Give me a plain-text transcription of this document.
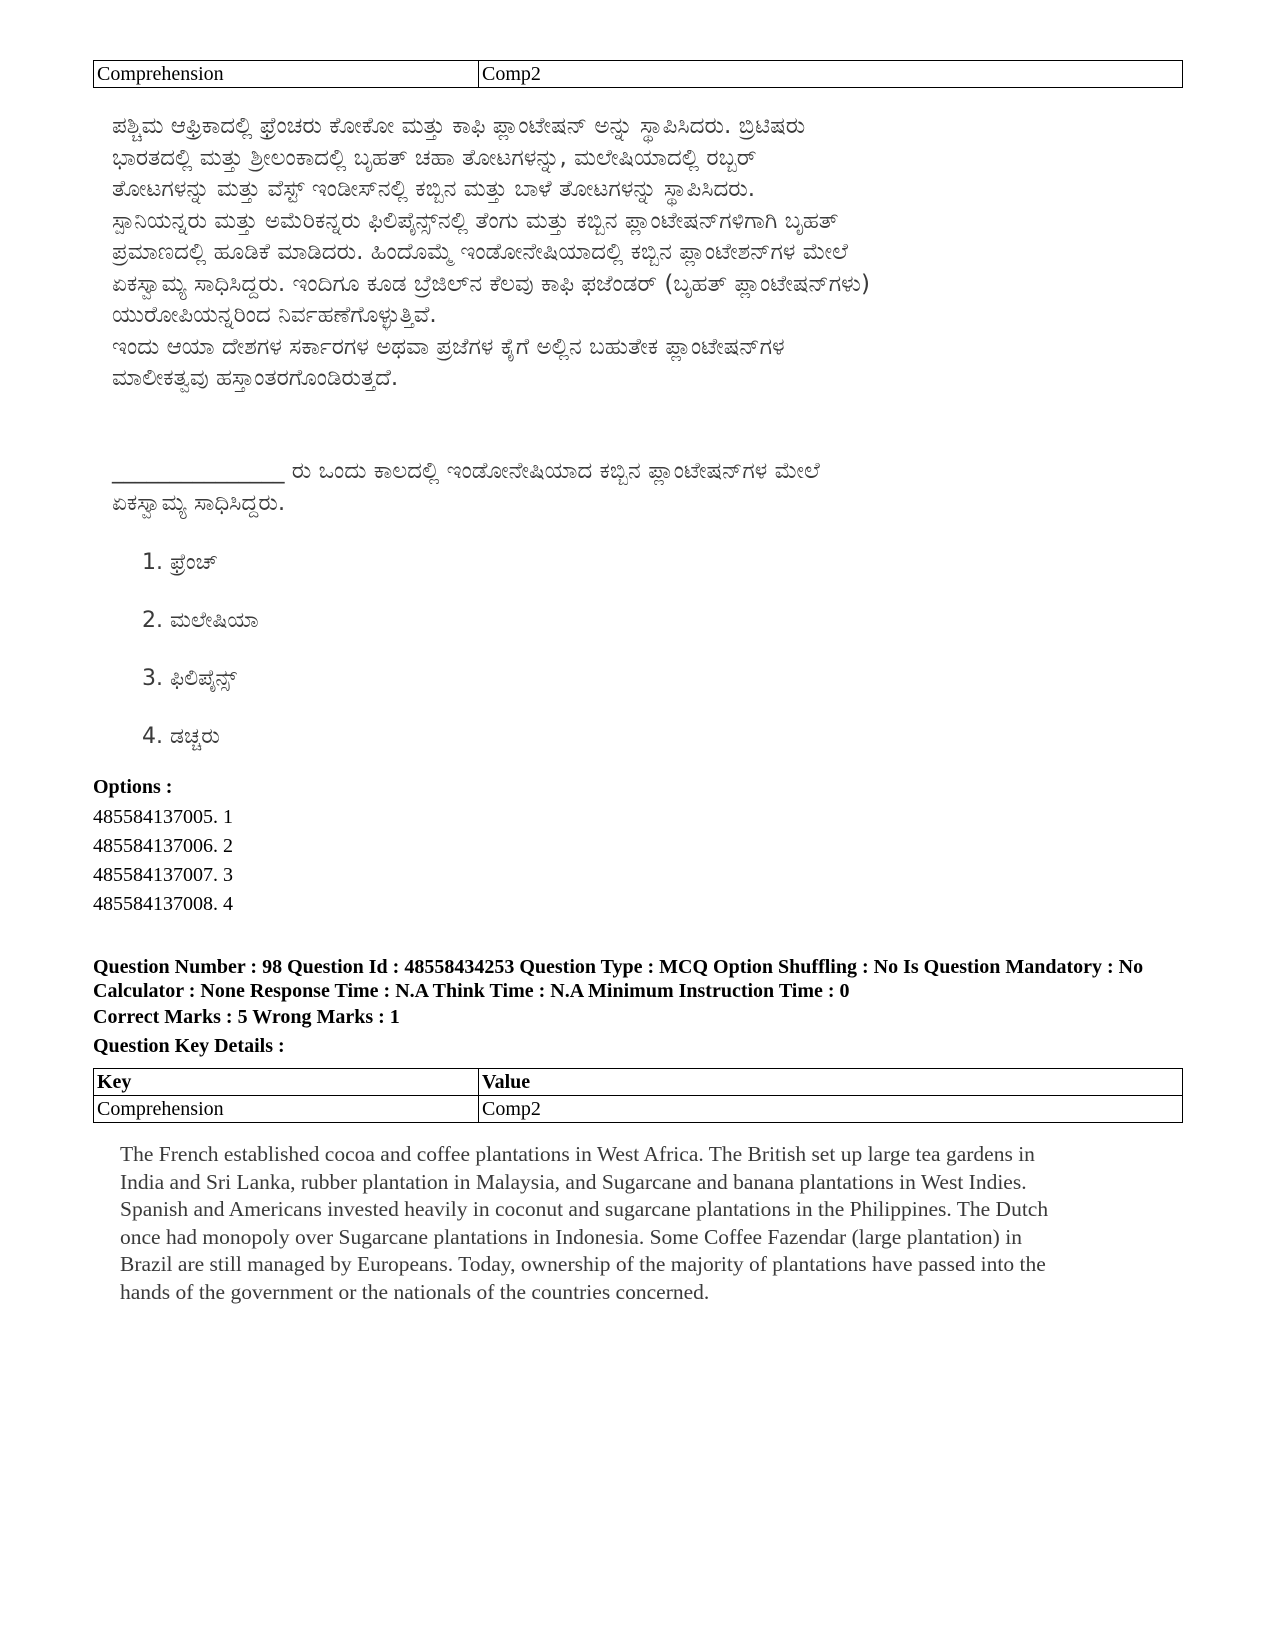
Comprehension	Comp2
ಪಶ್ಚಿಮ ಆಫ್ರಿಕಾದಲ್ಲಿ ಫ್ರೆಂಚರು ಕೋಕೋ ಮತ್ತು ಕಾಫಿ ಪ್ಲಾಂಟೇಷನ್ ಅನ್ನು ಸ್ಥಾಪಿಸಿದರು. ಬ್ರಿಟಿಷರು
ಭಾರತದಲ್ಲಿ ಮತ್ತು ಶ್ರೀಲಂಕಾದಲ್ಲಿ ಬೃಹತ್ ಚಹಾ ತೋಟಗಳನ್ನು, ಮಲೇಷಿಯಾದಲ್ಲಿ ರಬ್ಬರ್
ತೋಟಗಳನ್ನು ಮತ್ತು ವೆಸ್ಟ್ ಇಂಡೀಸ್‌ನಲ್ಲಿ ಕಬ್ಬಿನ ಮತ್ತು ಬಾಳೆ ತೋಟಗಳನ್ನು ಸ್ಥಾಪಿಸಿದರು.
ಸ್ಪಾನಿಯನ್ನರು ಮತ್ತು ಅಮೆರಿಕನ್ನರು ಫಿಲಿಪೈನ್ಸ್‌ನಲ್ಲಿ ತೆಂಗು ಮತ್ತು ಕಬ್ಬಿನ ಪ್ಲಾಂಟೇಷನ್‌ಗಳಿಗಾಗಿ ಬೃಹತ್
ಪ್ರಮಾಣದಲ್ಲಿ ಹೂಡಿಕೆ ಮಾಡಿದರು. ಹಿಂದೊಮ್ಮೆ ಇಂಡೋನೇಷಿಯಾದಲ್ಲಿ ಕಬ್ಬಿನ ಪ್ಲಾಂಟೇಶನ್‌ಗಳ ಮೇಲೆ
ಏಕಸ್ವಾಮ್ಯ ಸಾಧಿಸಿದ್ದರು. ಇಂದಿಗೂ ಕೂಡ ಬ್ರೆಜಿಲ್‌ನ ಕೆಲವು ಕಾಫಿ ಫಜೆಂಡರ್ (ಬೃಹತ್ ಪ್ಲಾಂಟೇಷನ್‌ಗಳು)
ಯುರೋಪಿಯನ್ನರಿಂದ ನಿರ್ವಹಣೆಗೊಳ್ಳುತ್ತಿವೆ.
ಇಂದು ಆಯಾ ದೇಶಗಳ ಸರ್ಕಾರಗಳ ಅಥವಾ ಪ್ರಜೆಗಳ ಕೈಗೆ ಅಲ್ಲಿನ ಬಹುತೇಕ ಪ್ಲಾಂಟೇಷನ್‌ಗಳ
ಮಾಲೀಕತ್ವವು ಹಸ್ತಾಂತರಗೊಂಡಿರುತ್ತದೆ.
_______________ ರು ಒಂದು ಕಾಲದಲ್ಲಿ ಇಂಡೋನೇಷಿಯಾದ ಕಬ್ಬಿನ ಪ್ಲಾಂಟೇಷನ್‌ಗಳ ಮೇಲೆ
ಏಕಸ್ವಾಮ್ಯ ಸಾಧಿಸಿದ್ದರು.
1. ಫ್ರೆಂಚ್
2. ಮಲೇಷಿಯಾ
3. ಫಿಲಿಪೈನ್ಸ್
4. ಡಚ್ಚರು
Options :
485584137005. 1
485584137006. 2
485584137007. 3
485584137008. 4
Question Number : 98 Question Id : 48558434253 Question Type : MCQ Option Shuffling : No Is Question Mandatory : No Calculator : None Response Time : N.A Think Time : N.A Minimum Instruction Time : 0
Correct Marks : 5 Wrong Marks : 1
Question Key Details :
Key	Value
Comprehension	Comp2
The French established cocoa and coffee plantations in West Africa. The British set up large tea gardens in
India and Sri Lanka, rubber plantation in Malaysia, and Sugarcane and banana plantations in West Indies.
Spanish and Americans invested heavily in coconut and sugarcane plantations in the Philippines. The Dutch
once had monopoly over Sugarcane plantations in Indonesia. Some Coffee Fazendar (large plantation) in
Brazil are still managed by Europeans. Today, ownership of the majority of plantations have passed into the
hands of the government or the nationals of the countries concerned.
